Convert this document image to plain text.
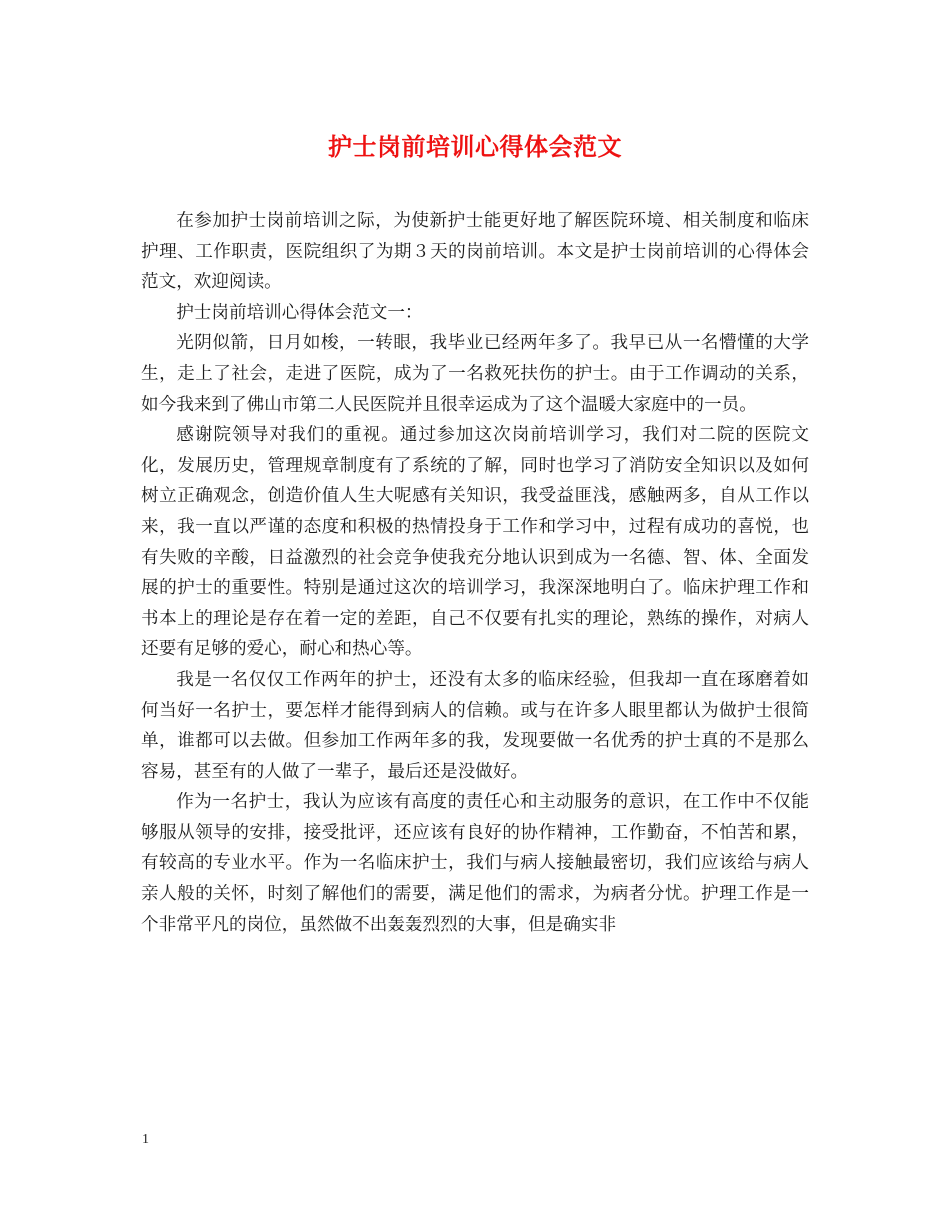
护士岗前培训心得体会范文

在参加护士岗前培训之际，为使新护士能更好地了解医院环境、相关制度和临床护理、工作职责，医院组织了为期３天的岗前培训。本文是护士岗前培训的心得体会范文，欢迎阅读。

护士岗前培训心得体会范文一：

光阴似箭，日月如梭，一转眼，我毕业已经两年多了。我早已从一名懵懂的大学生，走上了社会，走进了医院，成为了一名救死扶伤的护士。由于工作调动的关系，如今我来到了佛山市第二人民医院并且很幸运成为了这个温暖大家庭中的一员。

感谢院领导对我们的重视。通过参加这次岗前培训学习，我们对二院的医院文化，发展历史，管理规章制度有了系统的了解，同时也学习了消防安全知识以及如何树立正确观念，创造价值人生大呢感有关知识，我受益匪浅，感触两多，自从工作以来，我一直以严谨的态度和积极的热情投身于工作和学习中，过程有成功的喜悦，也有失败的辛酸，日益激烈的社会竞争使我充分地认识到成为一名德、智、体、全面发展的护士的重要性。特别是通过这次的培训学习，我深深地明白了。临床护理工作和书本上的理论是存在着一定的差距，自己不仅要有扎实的理论，熟练的操作，对病人还要有足够的爱心，耐心和热心等。

我是一名仅仅工作两年的护士，还没有太多的临床经验，但我却一直在琢磨着如何当好一名护士，要怎样才能得到病人的信赖。或与在许多人眼里都认为做护士很简单，谁都可以去做。但参加工作两年多的我，发现要做一名优秀的护士真的不是那么容易，甚至有的人做了一辈子，最后还是没做好。

作为一名护士，我认为应该有高度的责任心和主动服务的意识，在工作中不仅能够服从领导的安排，接受批评，还应该有良好的协作精神，工作勤奋，不怕苦和累，有较高的专业水平。作为一名临床护士，我们与病人接触最密切，我们应该给与病人亲人般的关怀，时刻了解他们的需要，满足他们的需求，为病者分忧。护理工作是一个非常平凡的岗位，虽然做不出轰轰烈烈的大事，但是确实非

1
